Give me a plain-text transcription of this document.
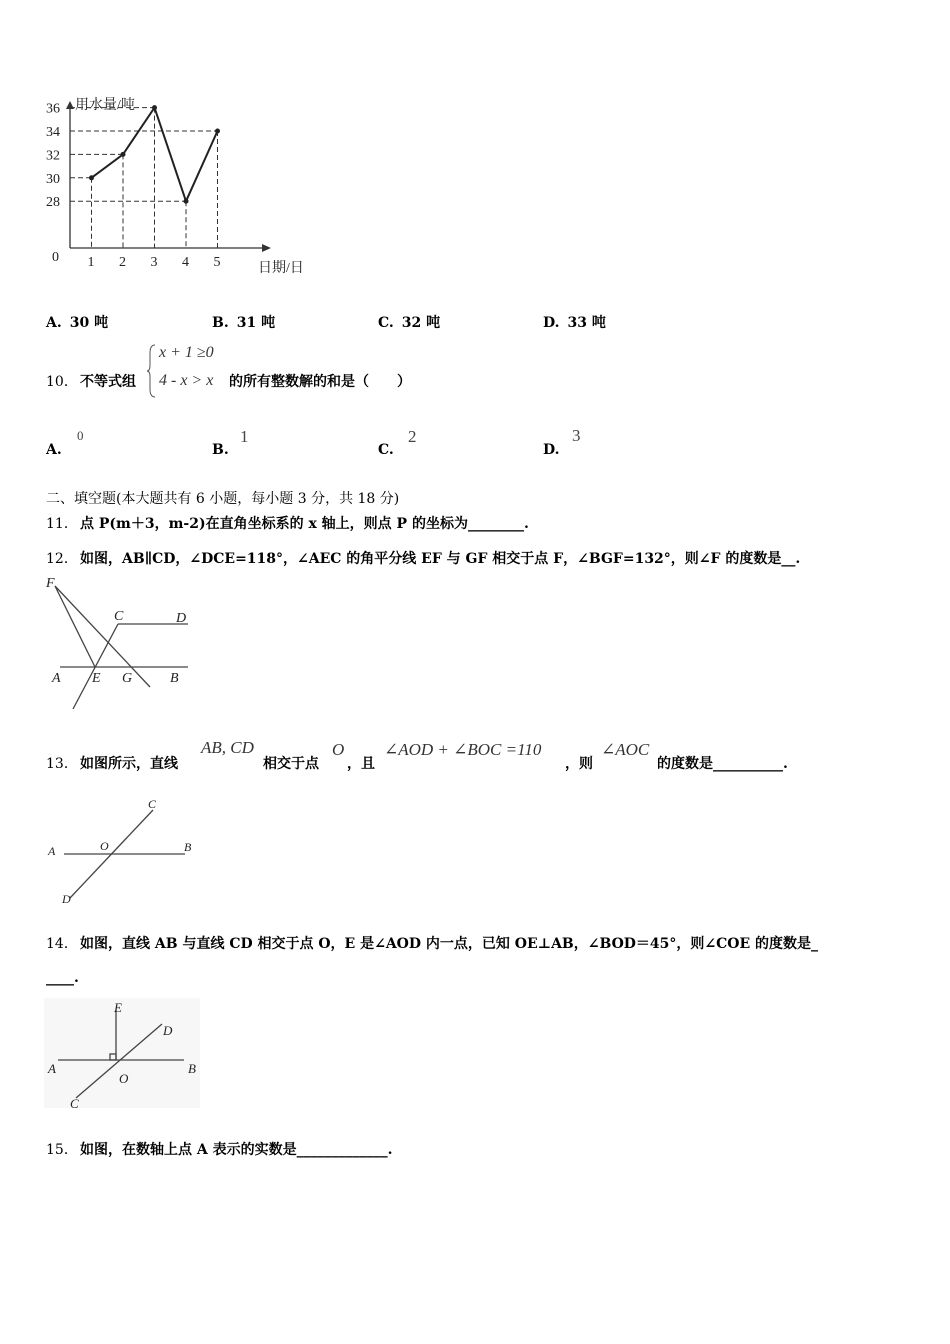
用水量/吨
日期/日
0
36
34
32
30
28
1 2 3 4 5
A. 30 吨	B. 31 吨	C. 32 吨	D. 33 吨
10． 不等式组
x + 1 ≥0
4 - x > x 的所有整数解的和是（　　）
A.
0
B.
1
C.
2
D.
3
二、填空题(本大题共有 6 小题，每小题 3 分，共 18 分)
11． 点 P(m＋3，m-2)在直角坐标系的 x 轴上，则点 P 的坐标为________.
12． 如图，AB∥CD，∠DCE=118°，∠AEC 的角平分线 EF 与 GF 相交于点 F，∠BGF=132°，则∠F 的度数是__.
F
C	D
A E G	B
13． 如图所示，直线
AB, CD
相交于点
O
，且
∠AOD + ∠BOC =110
，则
∠AOC
的度数是__________.
C
A	O	B
D
14． 如图，直线 AB 与直线 CD 相交于点 O，E 是∠AOD 内一点，已知 OE⊥AB，∠BOD＝45°，则∠COE 的度数是_
____.
E
D
A
O
B
C
15． 如图，在数轴上点 A 表示的实数是_____________.
